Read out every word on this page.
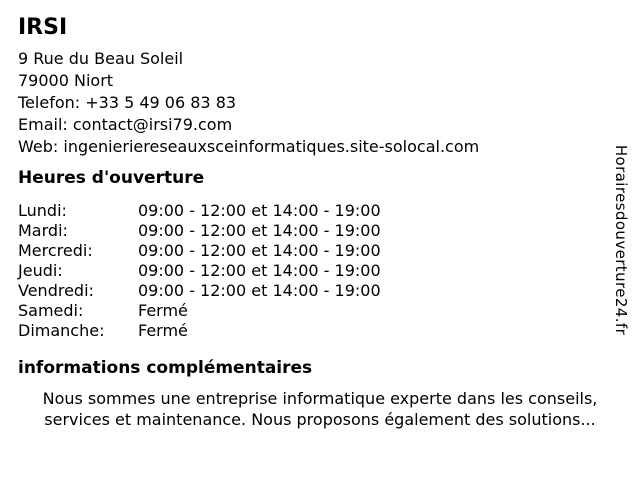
IRSI
9 Rue du Beau Soleil
79000 Niort
Telefon: +33 5 49 06 83 83
Email: contact@irsi79.com
Web: ingenieriereseauxsceinformatiques.site-solocal.com
Heures d'ouverture
Lundi:	09:00 - 12:00 et 14:00 - 19:00
Mardi:	09:00 - 12:00 et 14:00 - 19:00
Mercredi:	09:00 - 12:00 et 14:00 - 19:00
Jeudi:	09:00 - 12:00 et 14:00 - 19:00
Vendredi:	09:00 - 12:00 et 14:00 - 19:00
Samedi:	Fermé
Dimanche: Fermé
informations complémentaires
Nous sommes une entreprise informatique experte dans les conseils,
services et maintenance. Nous proposons également des solutions...
Horairesdouverture24.fr
